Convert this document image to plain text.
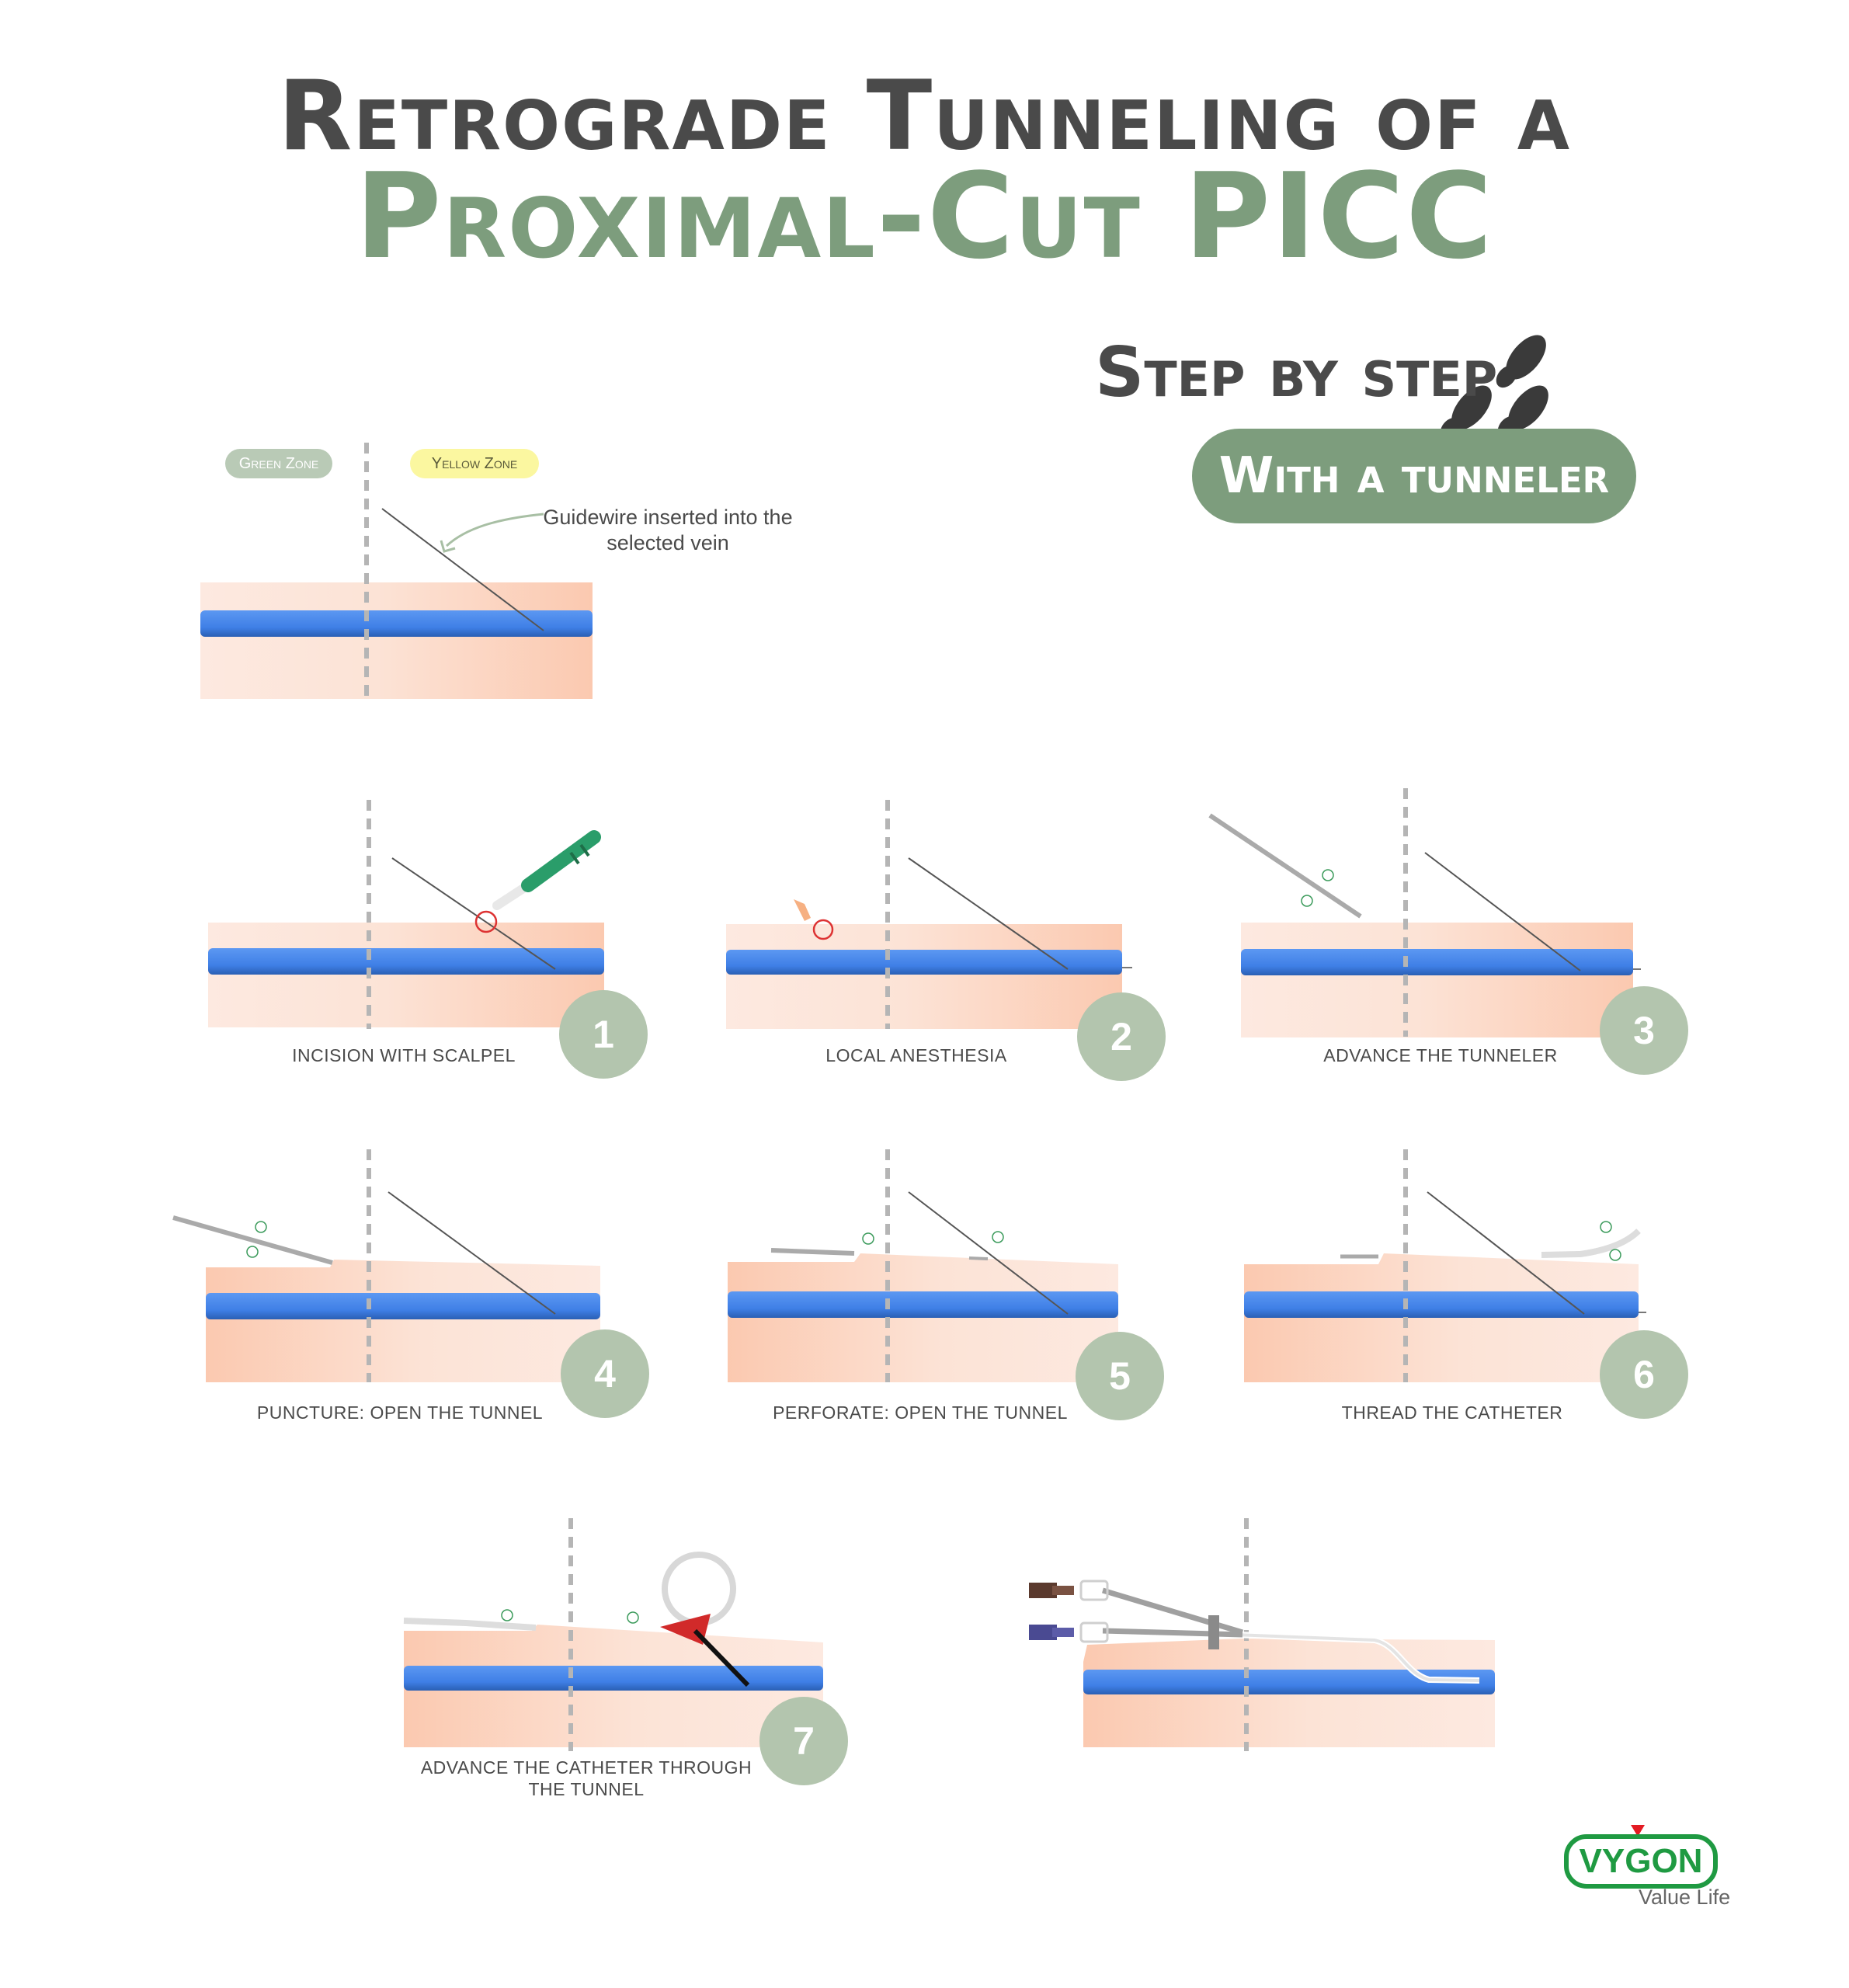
Retrograde Tunneling of a
Proximal-Cut PICC
Step by step
With a tunneler
Green Zone	Yellow Zone
Guidewire inserted into the selected vein
1	2	3
4	5	6
7
INCISION WITH SCALPEL	LOCAL ANESTHESIA	ADVANCE THE TUNNELER
PUNCTURE: OPEN THE TUNNEL	PERFORATE: OPEN THE TUNNEL	THREAD THE CATHETER
ADVANCE THE CATHETER THROUGH THE TUNNEL
VYGON
Value Life
